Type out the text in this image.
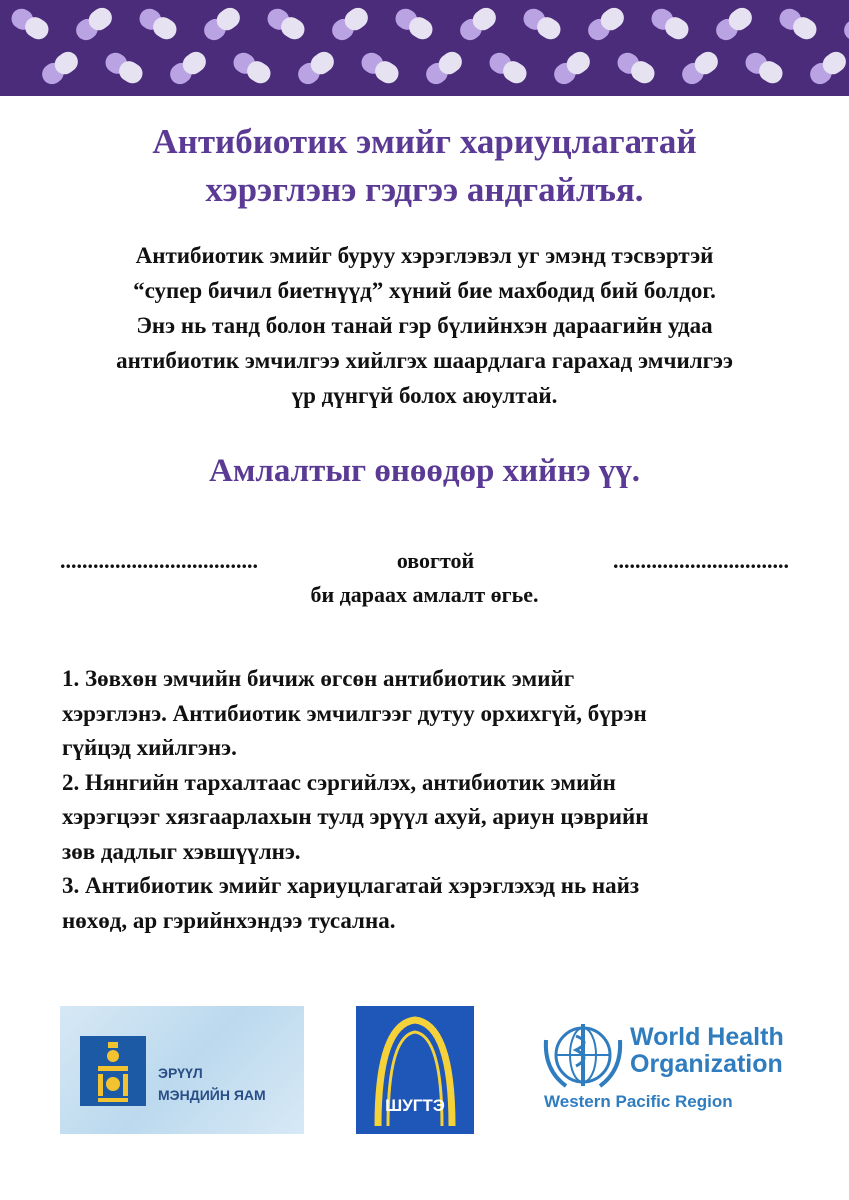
Антибиотик эмийг хариуцлагатай
хэрэглэнэ гэдгээ андгайлъя.

Антибиотик эмийг буруу хэрэглэвэл уг эмэнд тэсвэртэй
“супер бичил биетнүүд” хүний бие махбодид бий болдог.
Энэ нь танд болон танай гэр бүлийнхэн дараагийн удаа
антибиотик эмчилгээ хийлгэх шаардлага гарахад эмчилгээ
үр дүнгүй болох аюултай.

Амлалтыг өнөөдөр хийнэ үү.
....................................	овогтой	................................
би дараах амлалт өгье.

1. Зөвхөн эмчийн бичиж өгсөн антибиотик эмийг
хэрэглэнэ. Антибиотик эмчилгээг дутуу орхихгүй, бүрэн
гүйцэд хийлгэнэ.

2. Нянгийн тархалтаас сэргийлэх, антибиотик эмийн
хэрэгцээг хязгаарлахын тулд эрүүл ахуй, ариун цэврийн
зөв дадлыг хэвшүүлнэ.

3. Антибиотик эмийг хариуцлагатай хэрэглэхэд нь найз
нөхөд, ар гэрийнхэндээ тусална.

ЭРҮҮЛ
МЭНДИЙН ЯАМ
ШУГТЭ
World Health
Organization
Western Pacific Region
